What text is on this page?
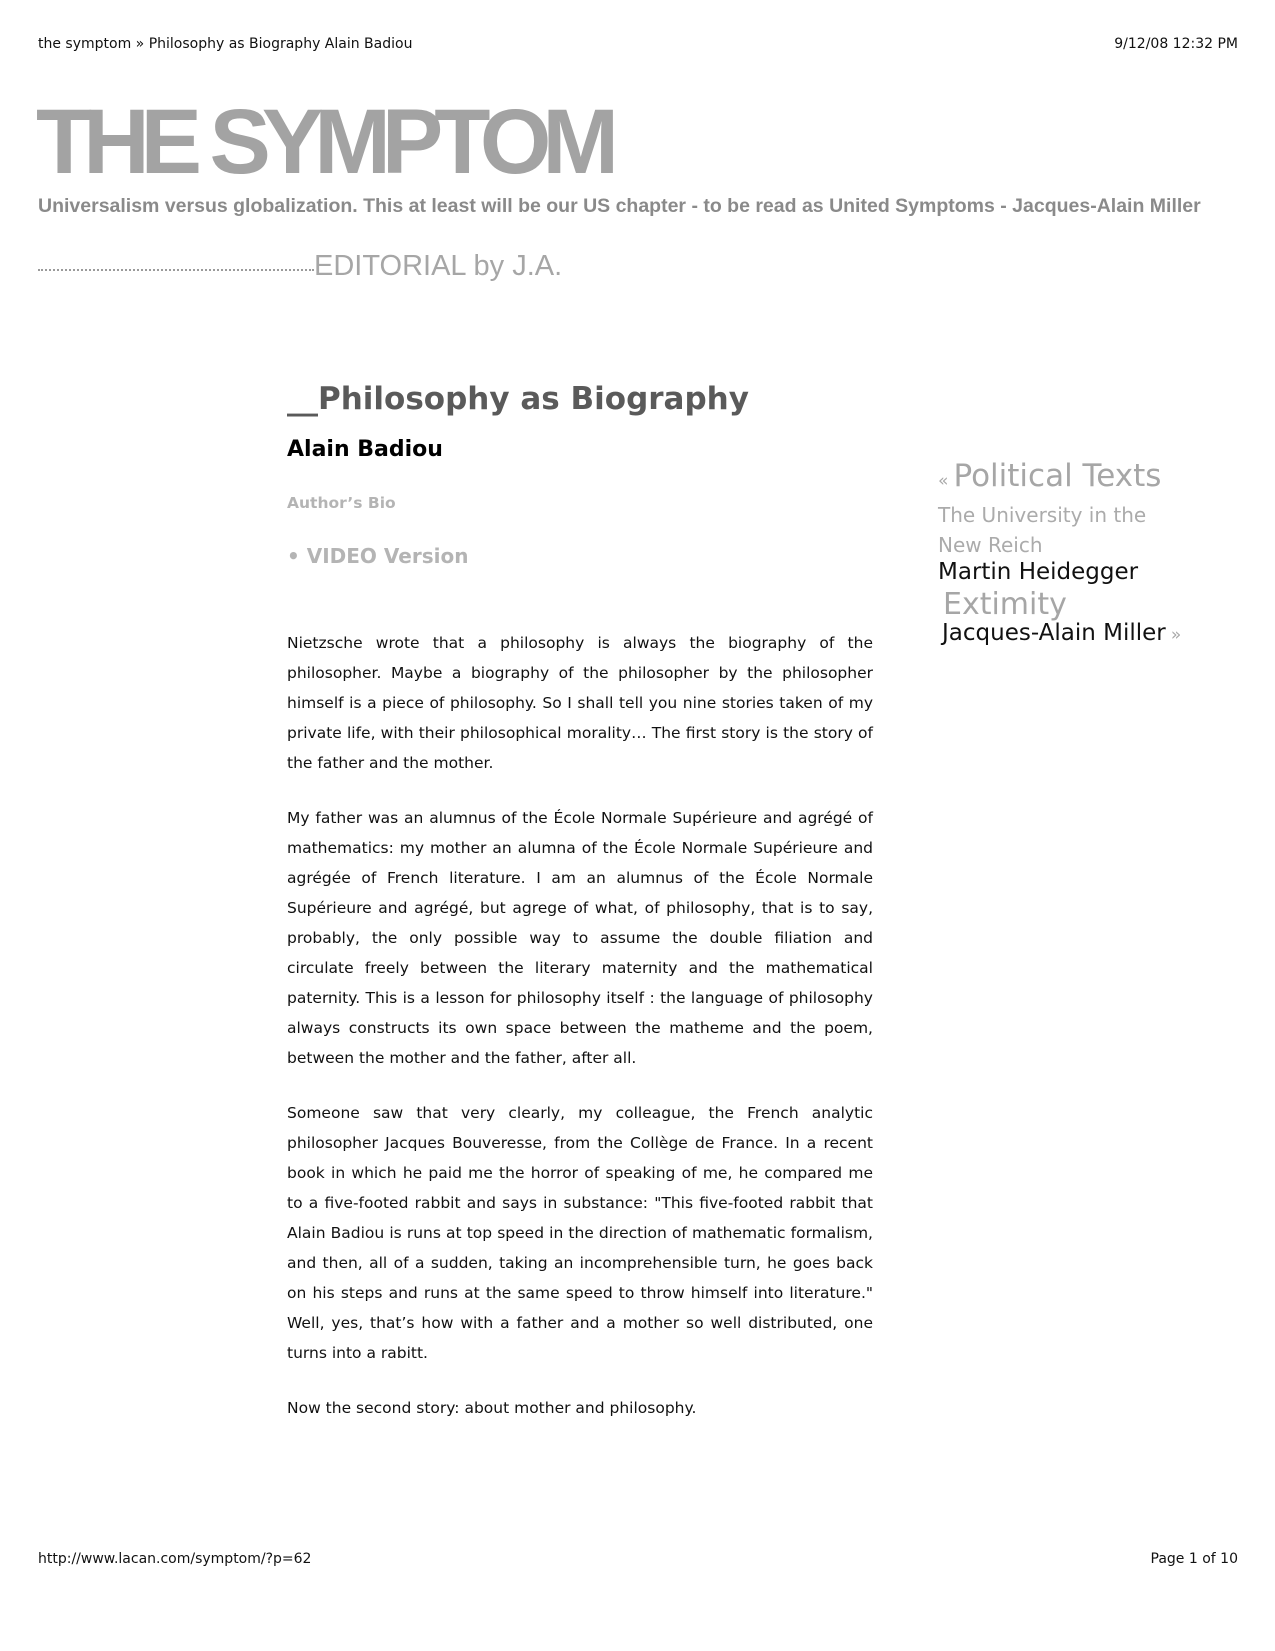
the symptom » Philosophy as Biography Alain Badiou	9/12/08 12:32 PM
THE SYMPTOM
Universalism versus globalization. This at least will be our US chapter - to be read as United Symptoms - Jacques-Alain Miller
EDITORIAL by J.A.
__Philosophy as Biography
Alain Badiou
Author’s Bio
• VIDEO Version

Nietzsche wrote that a philosophy is always the biography of the philosopher. Maybe a biography of the philosopher by the philosopher himself is a piece of philosophy. So I shall tell you nine stories taken of my private life, with their philosophical morality… The first story is the story of the father and the mother.

My father was an alumnus of the École Normale Supérieure and agrégé of mathematics: my mother an alumna of the École Normale Supérieure and agrégée of French literature. I am an alumnus of the École Normale Supérieure and agrégé, but agrege of what, of philosophy, that is to say, probably, the only possible way to assume the double filiation and circulate freely between the literary maternity and the mathematical paternity. This is a lesson for philosophy itself : the language of philosophy always constructs its own space between the matheme and the poem, between the mother and the father, after all.

Someone saw that very clearly, my colleague, the French analytic philosopher Jacques Bouveresse, from the Collège de France. In a recent book in which he paid me the horror of speaking of me, he compared me to a five-footed rabbit and says in substance: "This five-footed rabbit that Alain Badiou is runs at top speed in the direction of mathematic formalism, and then, all of a sudden, taking an incomprehensible turn, he goes back on his steps and runs at the same speed to throw himself into literature." Well, yes, that’s how with a father and a mother so well distributed, one turns into a rabitt.

Now the second story: about mother and philosophy.

« Political Texts
The University in the New Reich
Martin Heidegger
Extimity
Jacques-Alain Miller »
http://www.lacan.com/symptom/?p=62	Page 1 of 10
